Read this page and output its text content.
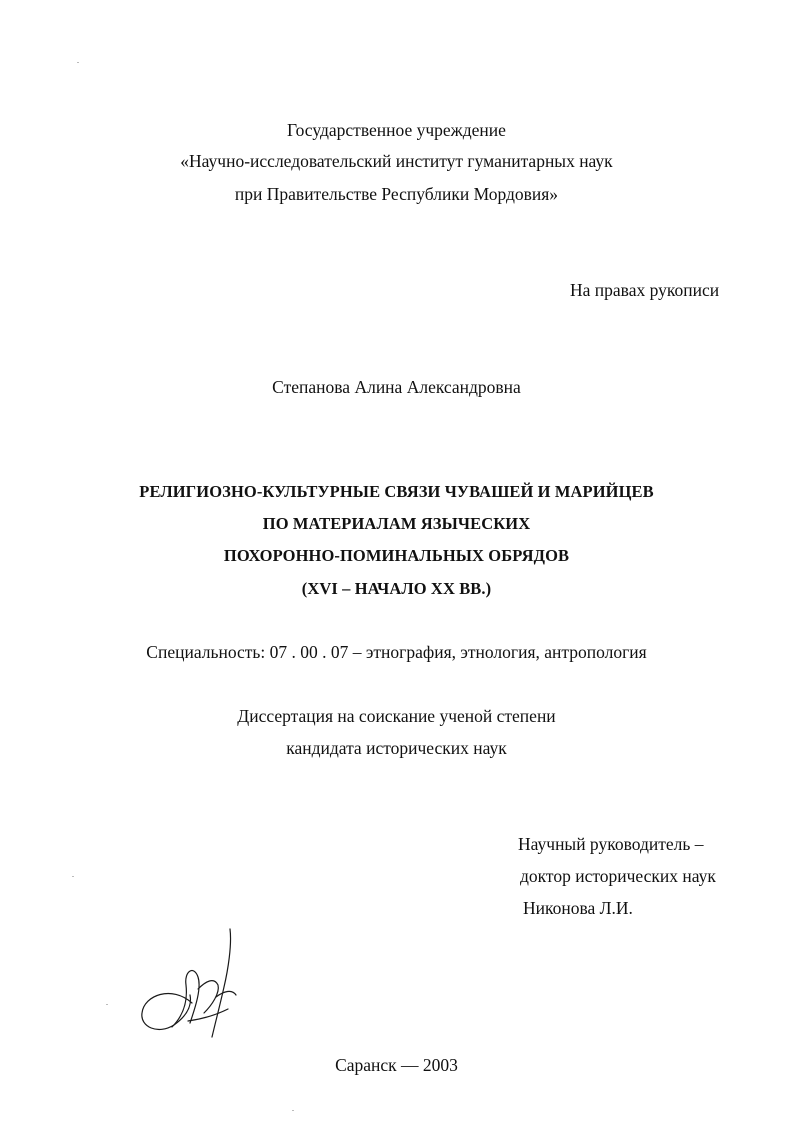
Государственное учреждение
«Научно-исследовательский институт гуманитарных наук
при Правительстве Республики Мордовия»
На правах рукописи
Степанова Алина Александровна
РЕЛИГИОЗНО-КУЛЬТУРНЫЕ СВЯЗИ ЧУВАШЕЙ И МАРИЙЦЕВ
ПО МАТЕРИАЛАМ ЯЗЫЧЕСКИХ
ПОХОРОННО-ПОМИНАЛЬНЫХ ОБРЯДОВ
(XVI – НАЧАЛО XX ВВ.)
Специальность: 07 . 00 . 07 – этнография, этнология, антропология
Диссертация на соискание ученой степени
кандидата исторических наук
Научный руководитель –
доктор исторических наук
Никонова Л.И.
Саранск — 2003
